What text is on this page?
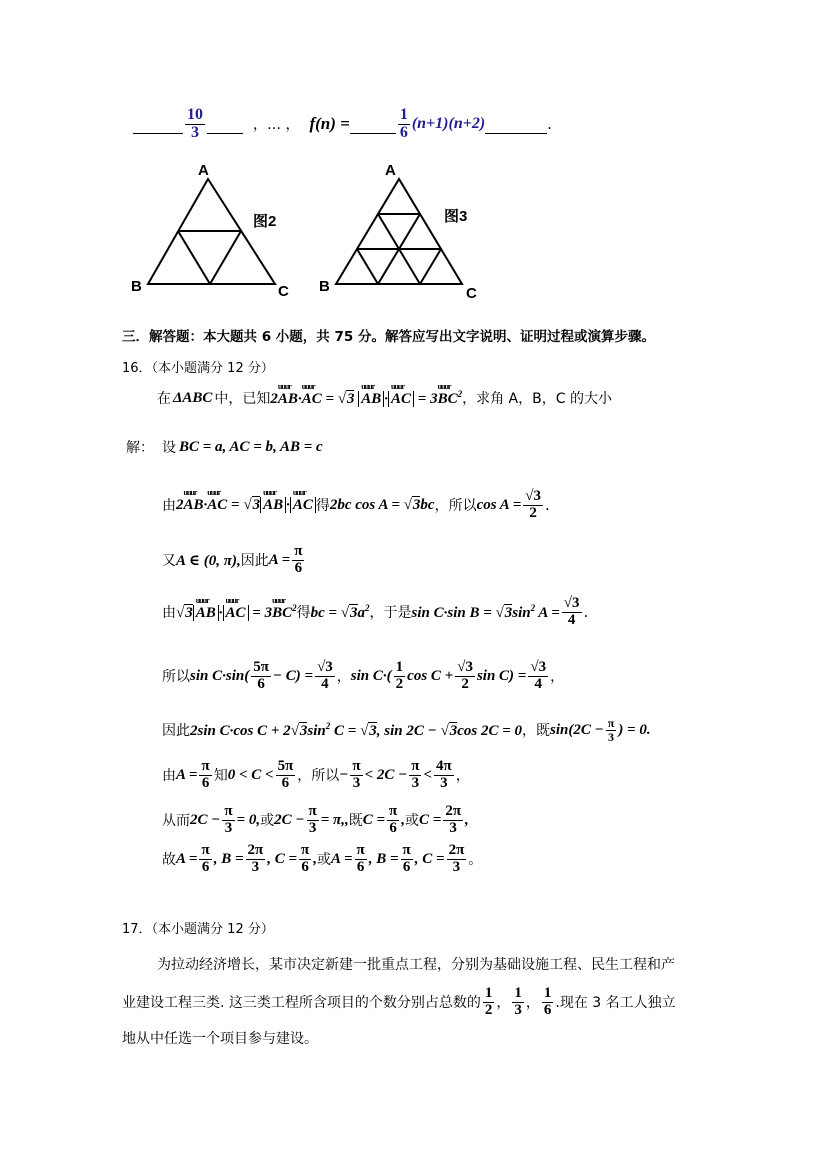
$\frac{10}{3}$
	，… ， f(n) =
	$\frac{1}{6} (n+1)(n+2)$
	.
A
B	C
图2
A
B	C
图3
三．解答题：本大题共 6 小题，共 75 分。解答应写出文字说明、证明过程或演算步骤。
16．（本小题满分 12 分）
在 ΔABC 中，已知 2uuur AB·uuur AC = √3 uuur AB · uuur AC = 3uuur $BC^2$ ，求角 A，B，C 的大小
解： 设 BC = a, AC = b, AB = c
由 2uuur AB·uuur AC = √3 uuur AB · uuur AC 得 2bc cos A = √3bc ，所以 $\cos A = \frac{√3}{2}$ .
又 A ∈ (0, π), 因此 $A = \frac{\pi}{6}$
由 √3 uuur AB · uuur AC = 3uuur $BC^2$ 得 bc = $√3a^2$ ，于是 sin C·sin $B = √3\sin^2$ $A = \frac{√3}{4}$ .
所以 $\sin C\cdot\sin( \frac{5\pi}{6} - C) = \frac{√3}{4}$ ， $\sin C\cdot( \frac{1}{2}$ $\cos C + \frac{√3}{2}$ $\sin C) = \frac{√3}{4}$ ，
因此 2sin C·cos $C + 2√3\sin^2$ C = √3, sin 2C − √3cos 2C = 0 ，既 $\sin(2C - \frac{\pi}{3}$ ) = 0.
由 $A = \frac{\pi}{6}$ 知 $0 < C < \frac{5\pi}{6}$ ，所以 − $\frac{\pi}{3} < 2C - \frac{\pi}{3} < \frac{4\pi}{3}$ ，
从而 $2C - \frac{\pi}{3} = 0$, 或 $2C - \frac{\pi}{3} = \pi$,, 既 $C = \frac{\pi}{6}$ , 或 $C = \frac{2\pi}{3}$ ,
故 $A = \frac{\pi}{6}$ , $B = \frac{2\pi}{3}$ , $C = \frac{\pi}{6}$ , 或 $A = \frac{\pi}{6}$ , $B = \frac{\pi}{6}$ , $C = \frac{2\pi}{3}$ 。
17．（本小题满分 12 分）
为拉动经济增长，某市决定新建一批重点工程，分别为基础设施工程、民生工程和产
业建设工程三类. 这三类工程所含项目的个数分别占总数的 $\frac{1}{2}$ ， $\frac{1}{3}$ ， $\frac{1}{6}$ .现在 3 名工人独立
地从中任选一个项目参与建设。
